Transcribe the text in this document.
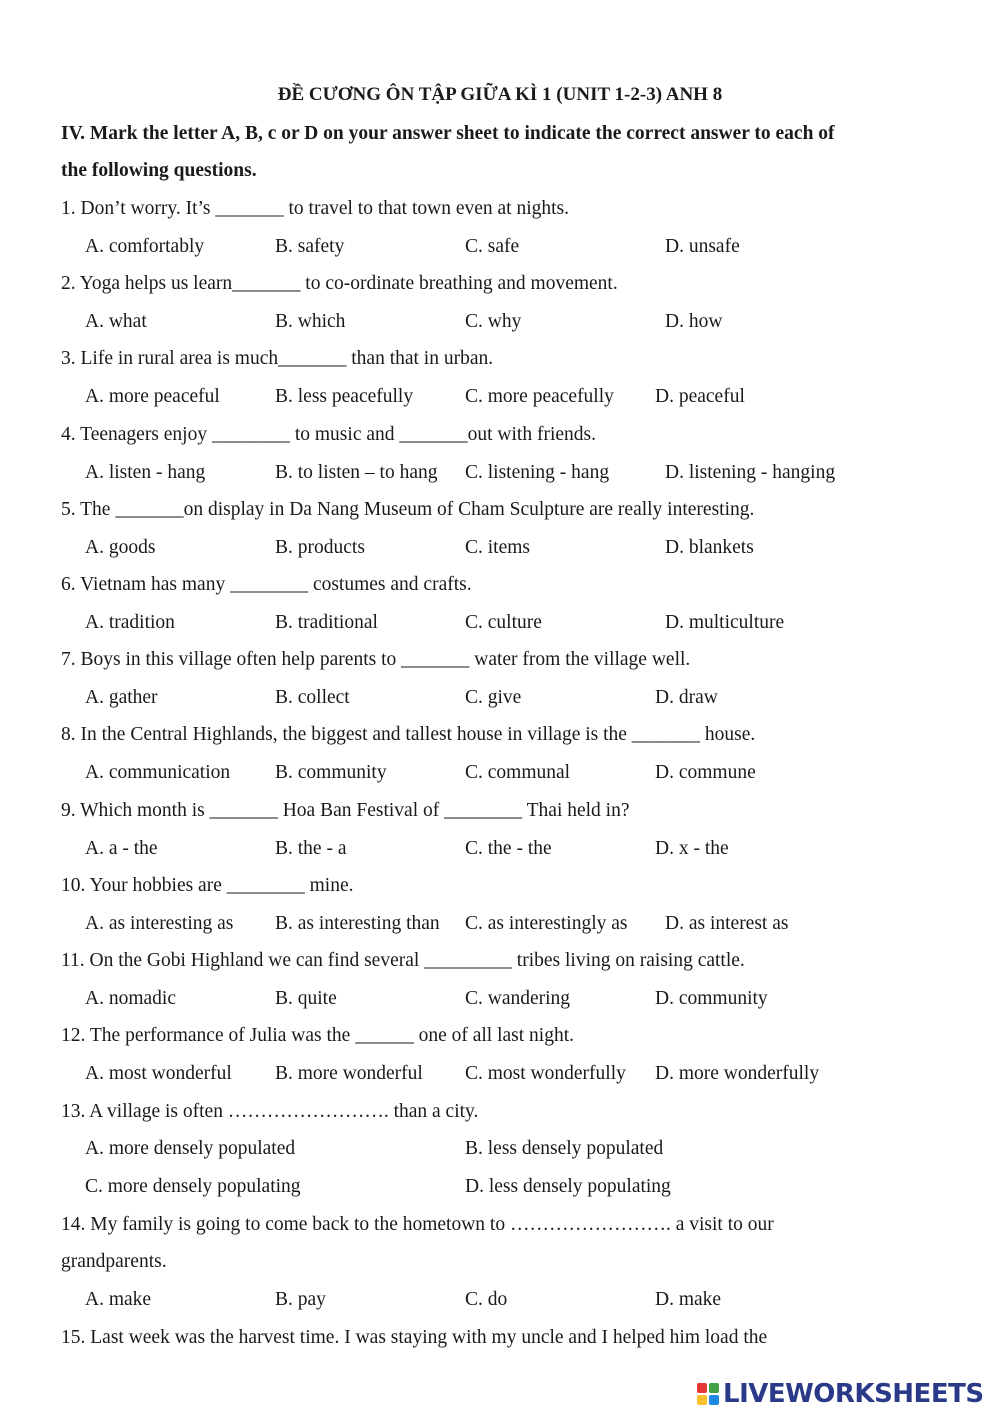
ĐỀ CƯƠNG ÔN TẬP GIỮA KÌ 1 (UNIT 1-2-3) ANH 8
IV. Mark the letter A, B, c or D on your answer sheet to indicate the correct answer to each of
the following questions.
1. Don’t worry. It’s _______ to travel to that town even at nights.
A. comfortably	B. safety	C. safe	D. unsafe
2. Yoga helps us learn_______ to co-ordinate breathing and movement.
A. what	B. which	C. why	D. how
3. Life in rural area is much_______ than that in urban.
A. more peaceful	B. less peacefully	C. more peacefully D. peaceful
4. Teenagers enjoy ________ to music and _______out with friends.
A. listen - hang	B. to listen – to hang C. listening - hang	D. listening - hanging
5. The _______on display in Da Nang Museum of Cham Sculpture are really interesting.
A. goods	B. products	C. items	D. blankets
6. Vietnam has many ________ costumes and crafts.
A. tradition	B. traditional	C. culture	D. multiculture
7. Boys in this village often help parents to _______ water from the village well.
A. gather	B. collect	C. give	D. draw
8. In the Central Highlands, the biggest and tallest house in village is the _______ house.
A. communication B. community	C. communal	D. commune
9. Which month is _______ Hoa Ban Festival of ________ Thai held in?
A. a - the	B. the - a	C. the - the	D. x - the
10. Your hobbies are ________ mine.
A. as interesting as B. as interesting than C. as interestingly as D. as interest as
11. On the Gobi Highland we can find several _________ tribes living on raising cattle.
A. nomadic	B. quite	C. wandering	D. community
12. The performance of Julia was the ______ one of all last night.
A. most wonderful B. more wonderful C. most wonderfully D. more wonderfully
13. A village is often ……………………. than a city.
A. more densely populated	B. less densely populated
C. more densely populating	D. less densely populating
14. My family is going to come back to the hometown to ……………………. a visit to our
grandparents.
A. make	B. pay	C. do	D. make
15. Last week was the harvest time. I was staying with my uncle and I helped him load the
LIVEWORKSHEETS
